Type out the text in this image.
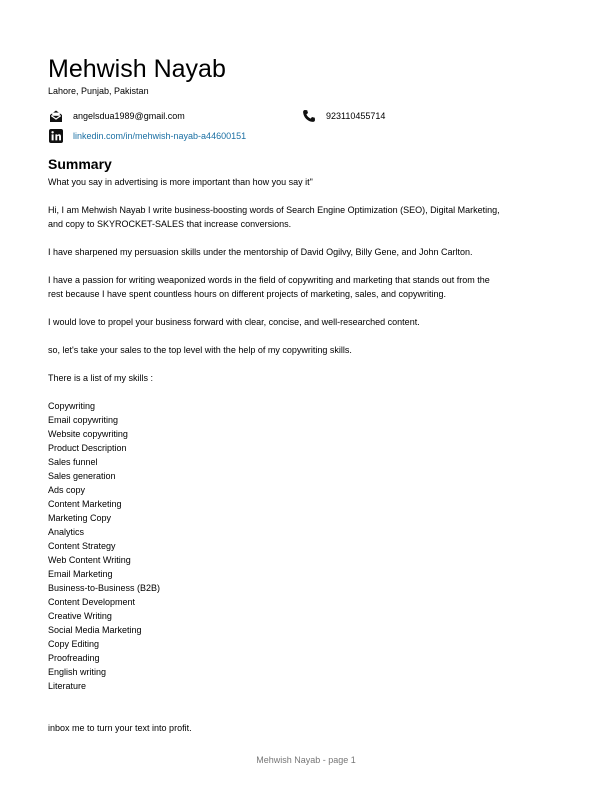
Mehwish Nayab
Lahore, Punjab, Pakistan
angelsdua1989@gmail.com	923110455714
linkedin.com/in/mehwish-nayab-a44600151
Summary

What you say in advertising is more important than how you say it"

Hi, I am Mehwish Nayab I write business-boosting words of Search Engine Optimization (SEO), Digital Marketing,
and copy to SKYROCKET-SALES that increase conversions.
I have sharpened my persuasion skills under the mentorship of David Ogilvy, Billy Gene, and John Carlton.
I have a passion for writing weaponized words in the field of copywriting and marketing that stands out from the
rest because I have spent countless hours on different projects of marketing, sales, and copywriting.
I would love to propel your business forward with clear, concise, and well-researched content.
so, let's take your sales to the top level with the help of my copywriting skills.
There is a list of my skills :
Copywriting
Email copywriting
Website copywriting
Product Description
Sales funnel
Sales generation
Ads copy
Content Marketing
Marketing Copy
Analytics
Content Strategy
Web Content Writing
Email Marketing
Business-to-Business (B2B)
Content Development
Creative Writing
Social Media Marketing
Copy Editing
Proofreading
English writing
Literature
inbox me to turn your text into profit.
Mehwish Nayab - page 1
